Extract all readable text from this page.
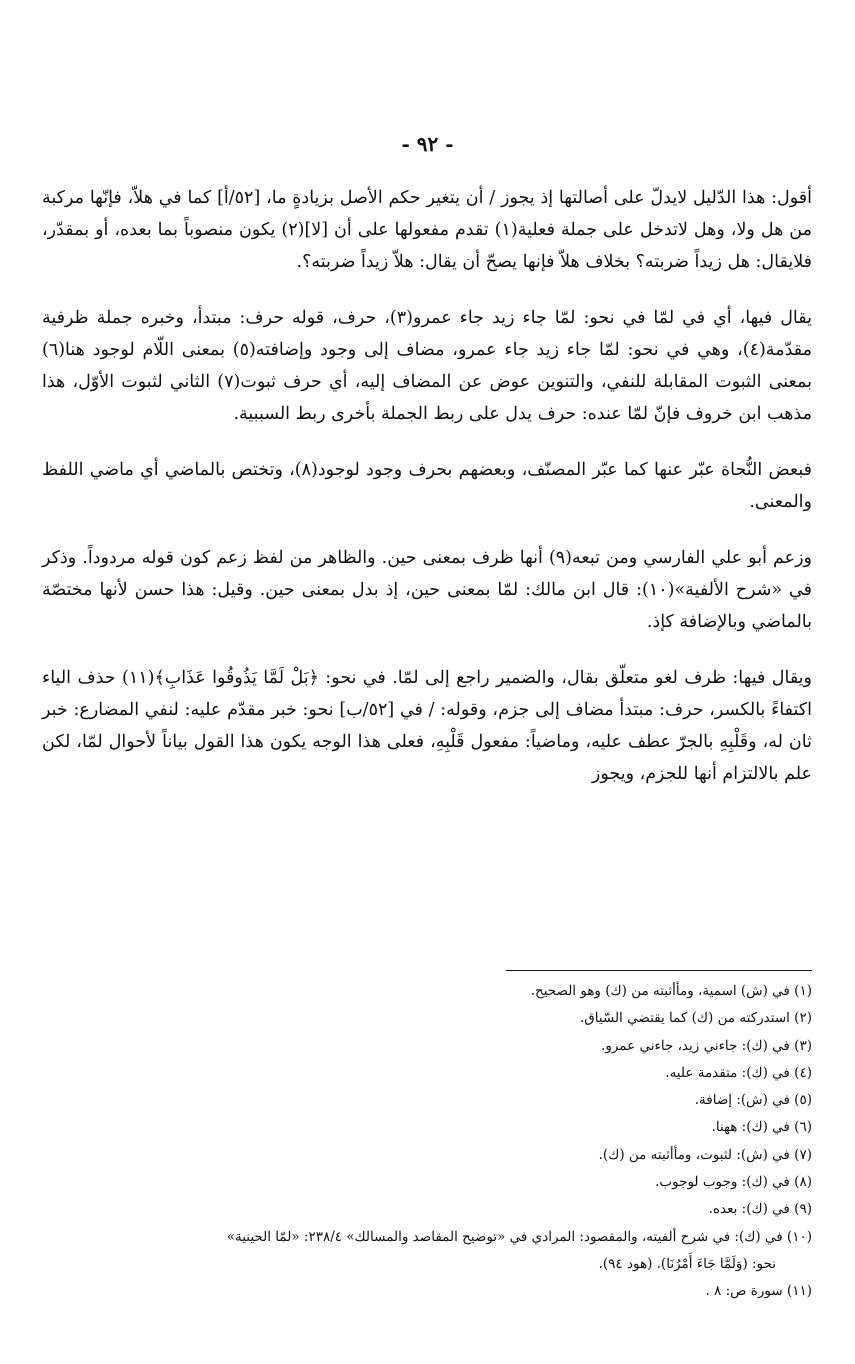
- ٩٢ -

أقول: هذا الدّليل لايدلّ على أصالتها إذ يجوز / أن يتغير حكم الأصل بزيادةٍ ما، [٥٢/أ] كما في هلاّ، فإنّها مركبة من هل ولا، وهل لاتدخل على جملة فعلية(١) تقدم مفعولها على أن [لا](٢) يكون منصوباً بما بعده، أو بمقدّر، فلايقال: هل زيداً ضربته؟ بخلاف هلاّ فإنها يصحّ أن يقال: هلاّ زيداً ضربته؟.

يقال فيها، أي في لمّا في نحو: لمّا جاء زيد جاء عمرو(٣)، حرف، قوله حرف: مبتدأ، وخبره جملة ظرفية مقدّمة(٤)، وهي في نحو: لمّا جاء زيد جاء عمرو، مضاف إلى وجود وإضافته(٥) بمعنى اللّام لوجود هنا(٦) بمعنى الثبوت المقابلة للنفي، والتنوين عوض عن المضاف إليه، أي حرف ثبوت(٧) الثاني لثبوت الأوّل، هذا مذهب ابن خروف فإنّ لمّا عنده: حرف يدل على ربط الجملة بأخرى ربط السببية.

فبعض النُّحاة عبّر عنها كما عبّر المصنّف، وبعضهم بحرف وجود لوجود(٨)، وتختص بالماضي أي ماضي اللفظ والمعنى.

وزعم أبو علي الفارسي ومن تبعه(٩) أنها ظرف بمعنى حين. والظاهر من لفظ زعم كون قوله مردوداً. وذكر في «شرح الألفية»(١٠): قال ابن مالك: لمّا بمعنى حين، إذ بدل بمعنى حين. وقيل: هذا حسن لأنها مختصّة بالماضي وبالإضافة كإذ.

ويقال فيها: ظرف لغو متعلّق بقال، والضمير راجع إلى لمّا. في نحو: ﴿بَلْ لَمَّا يَذُوقُوا عَذَابِ﴾(١١) حذف الياء اكتفاءً بالكسر، حرف: مبتدأ مضاف إلى جزم، وقوله: / في [٥٢/ب] نحو: خبر مقدّم عليه: لنفي المضارع: خبر ثان له، وقَلْبِهِ بالجرّ عطف عليه، وماضياً: مفعول قَلْبِهِ، فعلى هذا الوجه يكون هذا القول بياناً لأحوال لمّا، لكن علم بالالتزام أنها للجزم، ويجوز

(١) في (ش) اسمية، ومأأثبته من (ك) وهو الصحيح.
(٢) استدركته من (ك) كما يقتضي السّياق.
(٣) في (ك): جاءني زيد، جاءني عمرو.
(٤) في (ك): متقدمة عليه.
(٥) في (ش): إضافة.
(٦) في (ك): ههنا.
(٧) في (ش): لثبوت، ومأأثبته من (ك).
(٨) في (ك): وجوب لوجوب.
(٩) في (ك): بعده.
(١٠) في (ك): في شرح ألفيته، والمقصود: المرادي في «توضيح المقاصد والمسالك» ٢٣٨/٤: «لمّا الحينية»
نحو: (وَلَمَّا جَاءَ أَمْرُنَا). (هود ٩٤).
(١١) سورة ص: ٨ .
